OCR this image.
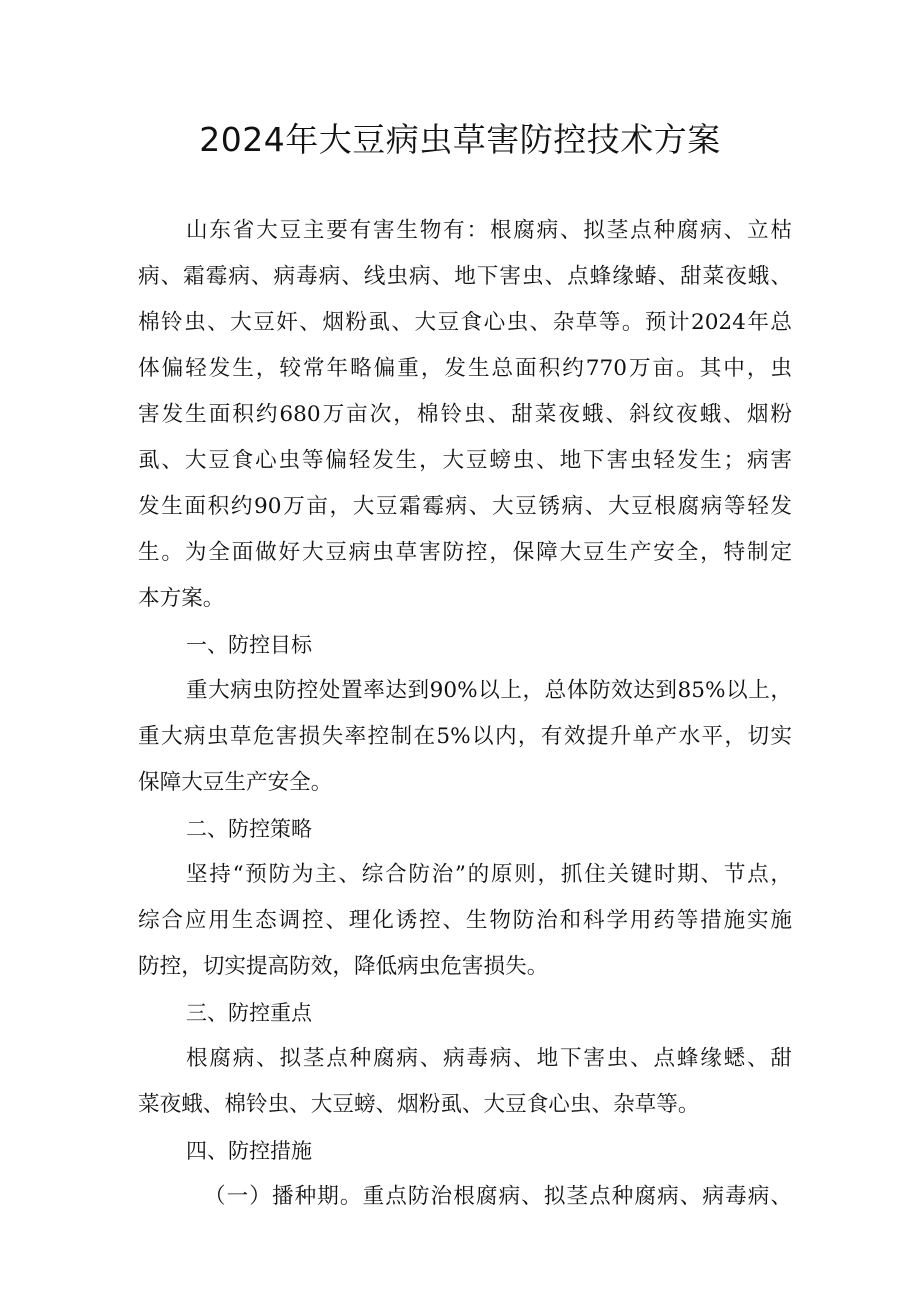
2024年大豆病虫草害防控技术方案
山东省大豆主要有害生物有：根腐病、拟茎点种腐病、立枯
病、霜霉病、病毒病、线虫病、地下害虫、点蜂缘蝽、甜菜夜蛾、
棉铃虫、大豆奸、烟粉虱、大豆食心虫、杂草等。预计2024年总
体偏轻发生，较常年略偏重，发生总面积约770万亩。其中，虫
害发生面积约680万亩次，棉铃虫、甜菜夜蛾、斜纹夜蛾、烟粉
虱、大豆食心虫等偏轻发生，大豆螃虫、地下害虫轻发生；病害
发生面积约90万亩，大豆霜霉病、大豆锈病、大豆根腐病等轻发
生。为全面做好大豆病虫草害防控，保障大豆生产安全，特制定
本方案。
一、防控目标
重大病虫防控处置率达到90%以上，总体防效达到85%以上，
重大病虫草危害损失率控制在5%以内，有效提升单产水平，切实
保障大豆生产安全。
二、防控策略
坚持“预防为主、综合防治”的原则，抓住关键时期、节点，
综合应用生态调控、理化诱控、生物防治和科学用药等措施实施
防控，切实提高防效，降低病虫危害损失。
三、防控重点
根腐病、拟茎点种腐病、病毒病、地下害虫、点蜂缘蟋、甜
菜夜蛾、棉铃虫、大豆螃、烟粉虱、大豆食心虫、杂草等。
四、防控措施
（一）播种期。重点防治根腐病、拟茎点种腐病、病毒病、
